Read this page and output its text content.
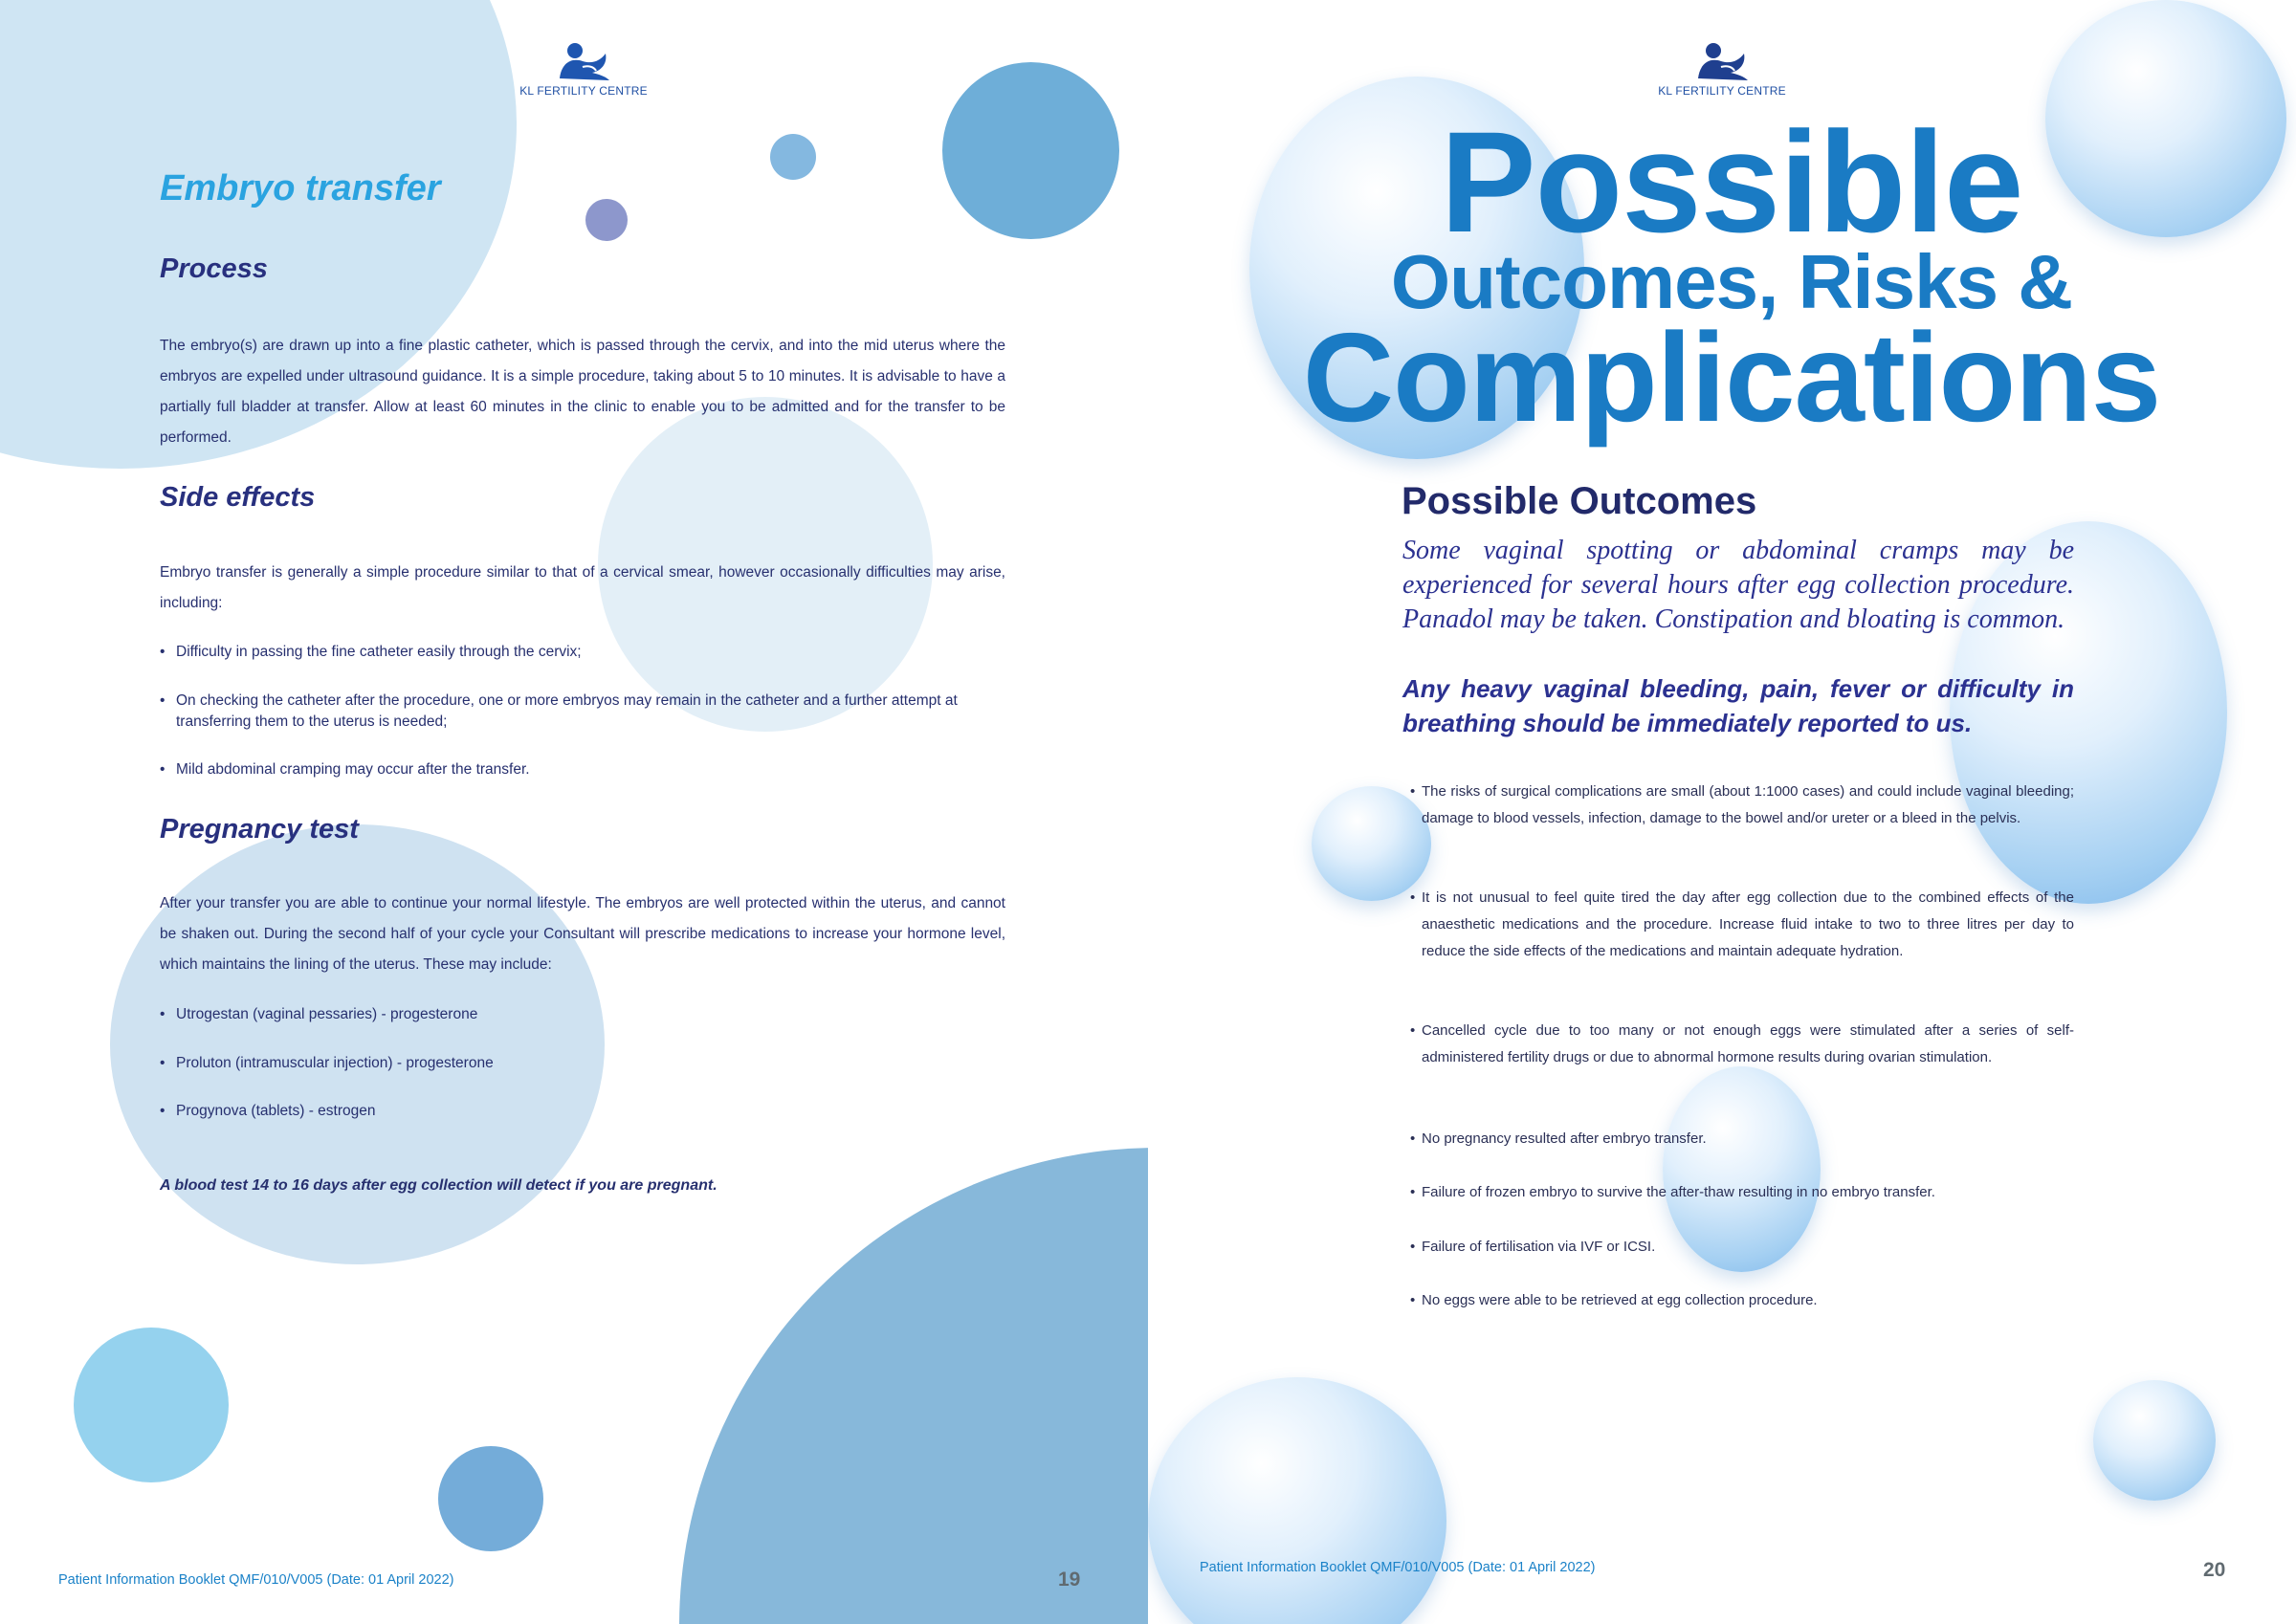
KL FERTILITY CENTRE
Embryo transfer
Process

The embryo(s) are drawn up into a fine plastic catheter, which is passed through the cervix, and into the mid uterus where the embryos are expelled under ultrasound guidance. It is a simple procedure, taking about 5 to 10 minutes. It is advisable to have a partially full bladder at transfer. Allow at least 60 minutes in the clinic to enable you to be admitted and for the transfer to be performed.

Side effects

Embryo transfer is generally a simple procedure similar to that of a cervical smear, however occasionally difficulties may arise, including:

• Difficulty in passing the fine catheter easily through the cervix;
• On checking the catheter after the procedure, one or more embryos may remain in the catheter and a further attempt at transferring them to the uterus is needed;
• Mild abdominal cramping may occur after the transfer.
Pregnancy test

After your transfer you are able to continue your normal lifestyle. The embryos are well protected within the uterus, and cannot be shaken out. During the second half of your cycle your Consultant will prescribe medications to increase your hormone level, which maintains the lining of the uterus. These may include:

• Utrogestan (vaginal pessaries) - progesterone
• Proluton (intramuscular injection) - progesterone
• Progynova (tablets) - estrogen

A blood test 14 to 16 days after egg collection will detect if you are pregnant.

Patient Information Booklet QMF/010/V005 (Date: 01 April 2022)	19
KL FERTILITY CENTRE
Possible
Outcomes, Risks &
Complications
Possible Outcomes

Some vaginal spotting or abdominal cramps may be experienced for several hours after egg collection procedure. Panadol may be taken. Constipation and bloating is common.

Any heavy vaginal bleeding, pain, fever or difficulty in breathing should be immediately reported to us.

• The risks of surgical complications are small (about 1:1000 cases) and could include vaginal bleeding; damage to blood vessels, infection, damage to the bowel and/or ureter or a bleed in the pelvis.
• It is not unusual to feel quite tired the day after egg collection due to the combined effects of the anaesthetic medications and the procedure. Increase fluid intake to two to three litres per day to reduce the side effects of the medications and maintain adequate hydration.
• Cancelled cycle due to too many or not enough eggs were stimulated after a series of self-administered fertility drugs or due to abnormal hormone results during ovarian stimulation.
• No pregnancy resulted after embryo transfer.
• Failure of frozen embryo to survive the after-thaw resulting in no embryo transfer.
• Failure of fertilisation via IVF or ICSI.
• No eggs were able to be retrieved at egg collection procedure.
Patient Information Booklet QMF/010/V005 (Date: 01 April 2022)	20
